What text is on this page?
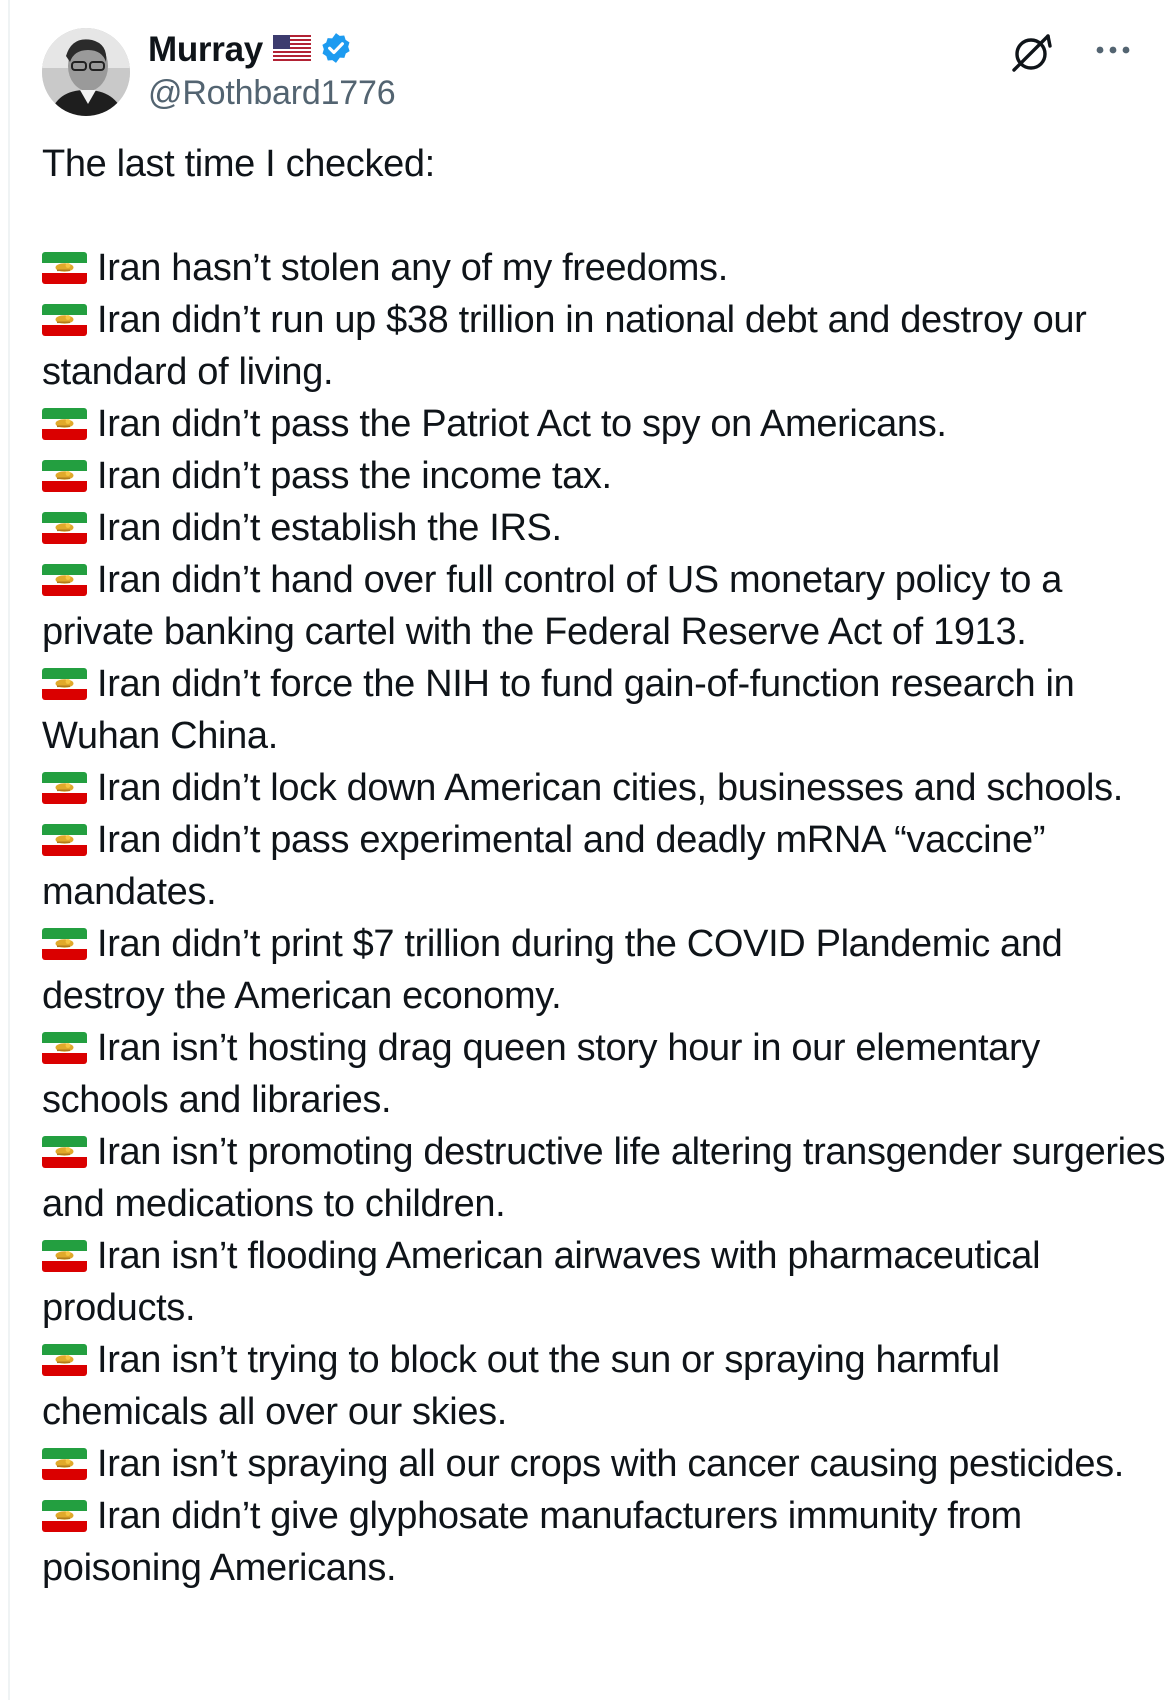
Murray
@Rothbard1776
The last time I checked:
Iran hasn’t stolen any of my freedoms.
Iran didn’t run up $38 trillion in national debt and destroy our standard of living.
Iran didn’t pass the Patriot Act to spy on Americans.
Iran didn’t pass the income tax.
Iran didn’t establish the IRS.
Iran didn’t hand over full control of US monetary policy to a private banking cartel with the Federal Reserve Act of 1913.
Iran didn’t force the NIH to fund gain-of-function research in Wuhan China.
Iran didn’t lock down American cities, businesses and schools.
Iran didn’t pass experimental and deadly mRNA “vaccine” mandates.
Iran didn’t print $7 trillion during the COVID Plandemic and destroy the American economy.
Iran isn’t hosting drag queen story hour in our elementary schools and libraries.
Iran isn’t promoting destructive life altering transgender surgeries and medications to children.
Iran isn’t flooding American airwaves with pharmaceutical products.
Iran isn’t trying to block out the sun or spraying harmful chemicals all over our skies.
Iran isn’t spraying all our crops with cancer causing pesticides.
Iran didn’t give glyphosate manufacturers immunity from poisoning Americans.
